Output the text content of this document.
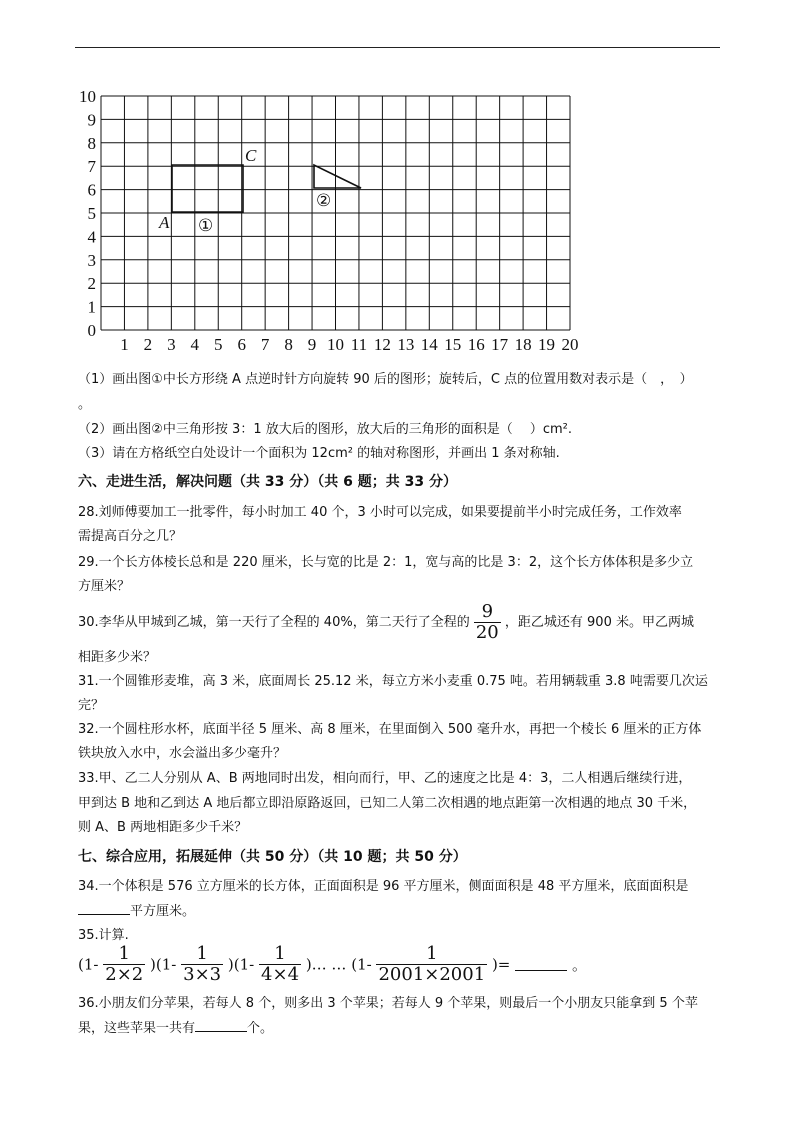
0
1
2
3
4
5
6
7
8
9
10
1 2 3 4 5 6 7 8 9 10 11 12 13 14 15 16 17 18 19 20
A
C
①
②
（1）画出图①中长方形绕 A 点逆时针方向旋转 90 后的图形；旋转后，C 点的位置用数对表示是（　，　）
。
（2）画出图②中三角形按 3：1 放大后的图形，放大后的三角形的面积是（　 ）cm².
（3）请在方格纸空白处设计一个面积为 12cm² 的轴对称图形，并画出 1 条对称轴.
六、走进生活，解决问题（共 33 分）（共 6 题；共 33 分）
28.刘师傅要加工一批零件，每小时加工 40 个，3 小时可以完成，如果要提前半小时完成任务，工作效率
需提高百分之几？
29.一个长方体棱长总和是 220 厘米，长与宽的比是 2：1，宽与高的比是 3：2，这个长方体体积是多少立
方厘米？
30.李华从甲城到乙城，第一天行了全程的 40%，第二天行了全程的 $\frac{9}{20}$ ，距乙城还有 900 米。甲乙两城
相距多少米？
31.一个圆锥形麦堆，高 3 米，底面周长 25.12 米，每立方米小麦重 0.75 吨。若用辆载重 3.8 吨需要几次运
完？
32.一个圆柱形水杯，底面半径 5 厘米、高 8 厘米，在里面倒入 500 毫升水，再把一个棱长 6 厘米的正方体
铁块放入水中，水会溢出多少毫升？
33.甲、乙二人分别从 A、B 两地同时出发，相向而行，甲、乙的速度之比是 4：3，二人相遇后继续行进，
甲到达 B 地和乙到达 A 地后都立即沿原路返回，已知二人第二次相遇的地点距第一次相遇的地点 30 千米，
则 A、B 两地相距多少千米？
七、综合应用，拓展延伸（共 50 分）（共 10 题；共 50 分）
34.一个体积是 576 立方厘米的长方体，正面面积是 96 平方厘米，侧面面积是 48 平方厘米，底面面积是
平方厘米。
35.计算.
$(1- \frac{1}{2\times 2} )(1- \frac{1}{3\times 3} )(1- \frac{1}{4\times 4}$ )… … ($1- \frac{1}{2001\times 2001}$ )=	。
36.小朋友们分苹果，若每人 8 个，则多出 3 个苹果；若每人 9 个苹果，则最后一个小朋友只能拿到 5 个苹
果，这些苹果一共有	个。
